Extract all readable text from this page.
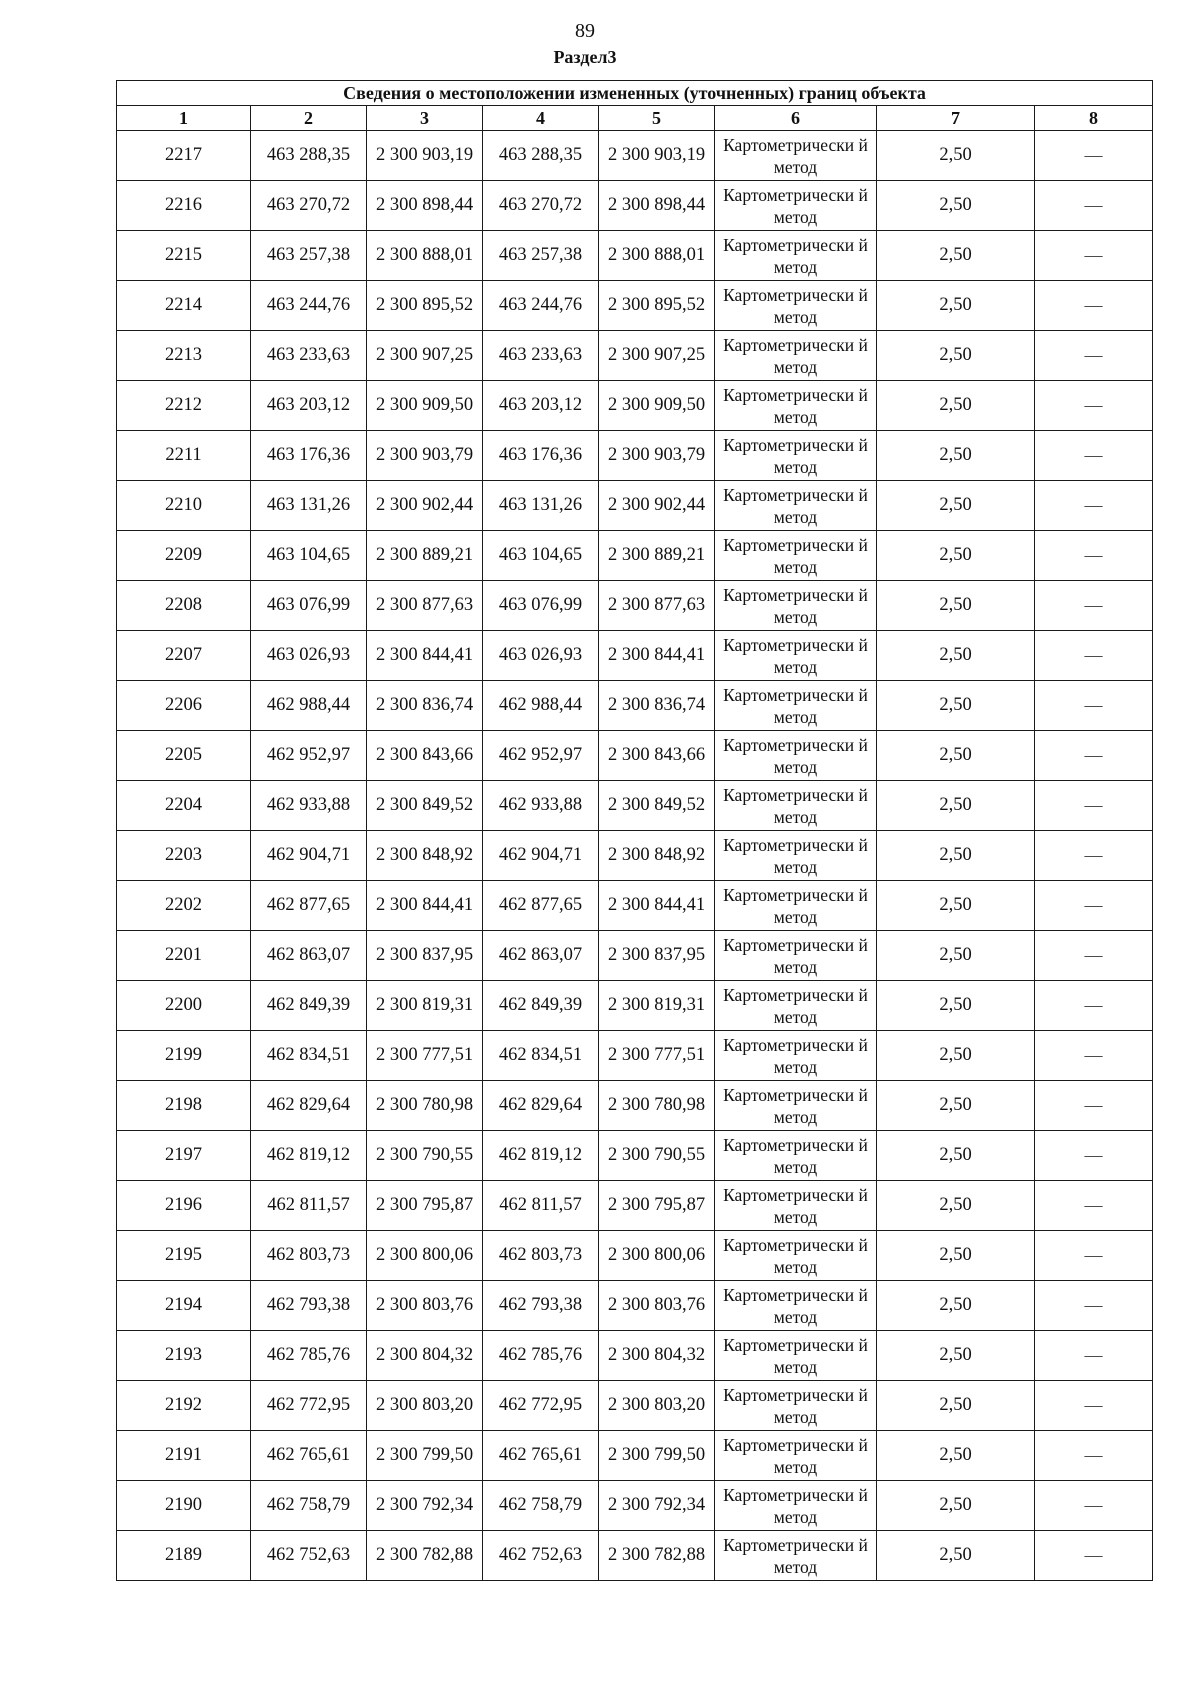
89
Раздел3
Сведения о местоположении измененных (уточненных) границ объекта							
1	2	3	4	5	6	7	8
2217	463 288,35	2 300 903,19	463 288,35	2 300 903,19	Картометрически й метод	2,50	—
2216	463 270,72	2 300 898,44	463 270,72	2 300 898,44	Картометрически й метод	2,50	—
2215	463 257,38	2 300 888,01	463 257,38	2 300 888,01	Картометрически й метод	2,50	—
2214	463 244,76	2 300 895,52	463 244,76	2 300 895,52	Картометрически й метод	2,50	—
2213	463 233,63	2 300 907,25	463 233,63	2 300 907,25	Картометрически й метод	2,50	—
2212	463 203,12	2 300 909,50	463 203,12	2 300 909,50	Картометрически й метод	2,50	—
2211	463 176,36	2 300 903,79	463 176,36	2 300 903,79	Картометрически й метод	2,50	—
2210	463 131,26	2 300 902,44	463 131,26	2 300 902,44	Картометрически й метод	2,50	—
2209	463 104,65	2 300 889,21	463 104,65	2 300 889,21	Картометрически й метод	2,50	—
2208	463 076,99	2 300 877,63	463 076,99	2 300 877,63	Картометрически й метод	2,50	—
2207	463 026,93	2 300 844,41	463 026,93	2 300 844,41	Картометрически й метод	2,50	—
2206	462 988,44	2 300 836,74	462 988,44	2 300 836,74	Картометрически й метод	2,50	—
2205	462 952,97	2 300 843,66	462 952,97	2 300 843,66	Картометрически й метод	2,50	—
2204	462 933,88	2 300 849,52	462 933,88	2 300 849,52	Картометрически й метод	2,50	—
2203	462 904,71	2 300 848,92	462 904,71	2 300 848,92	Картометрически й метод	2,50	—
2202	462 877,65	2 300 844,41	462 877,65	2 300 844,41	Картометрически й метод	2,50	—
2201	462 863,07	2 300 837,95	462 863,07	2 300 837,95	Картометрически й метод	2,50	—
2200	462 849,39	2 300 819,31	462 849,39	2 300 819,31	Картометрически й метод	2,50	—
2199	462 834,51	2 300 777,51	462 834,51	2 300 777,51	Картометрически й метод	2,50	—
2198	462 829,64	2 300 780,98	462 829,64	2 300 780,98	Картометрически й метод	2,50	—
2197	462 819,12	2 300 790,55	462 819,12	2 300 790,55	Картометрически й метод	2,50	—
2196	462 811,57	2 300 795,87	462 811,57	2 300 795,87	Картометрически й метод	2,50	—
2195	462 803,73	2 300 800,06	462 803,73	2 300 800,06	Картометрически й метод	2,50	—
2194	462 793,38	2 300 803,76	462 793,38	2 300 803,76	Картометрически й метод	2,50	—
2193	462 785,76	2 300 804,32	462 785,76	2 300 804,32	Картометрически й метод	2,50	—
2192	462 772,95	2 300 803,20	462 772,95	2 300 803,20	Картометрически й метод	2,50	—
2191	462 765,61	2 300 799,50	462 765,61	2 300 799,50	Картометрически й метод	2,50	—
2190	462 758,79	2 300 792,34	462 758,79	2 300 792,34	Картометрически й метод	2,50	—
2189	462 752,63	2 300 782,88	462 752,63	2 300 782,88	Картометрически й метод	2,50	—
